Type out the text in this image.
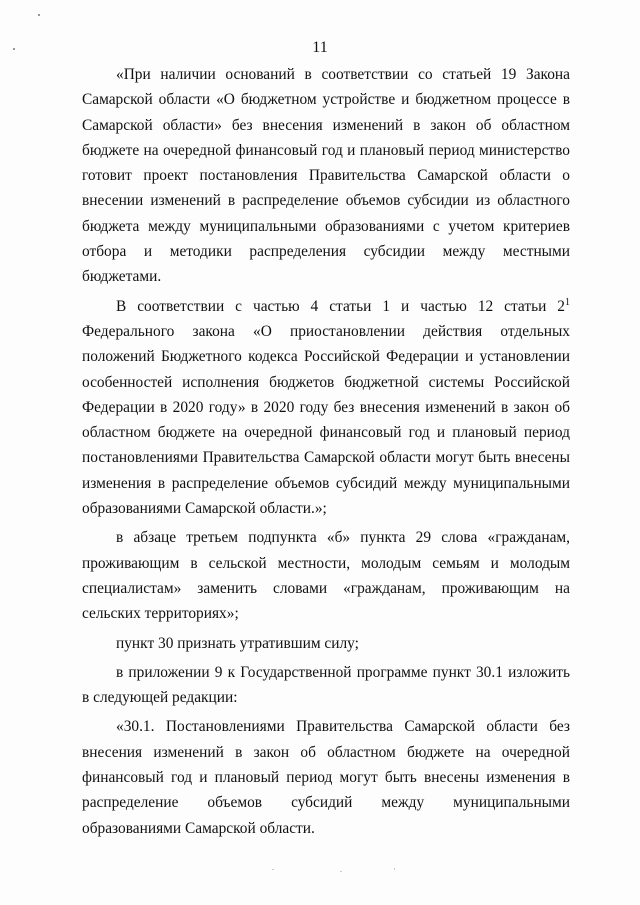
11

«При наличии оснований в соответствии со статьей 19 Закона Самарской области «О бюджетном устройстве и бюджетном процессе в Самарской области» без внесения изменений в закон об областном бюджете на очередной финансовый год и плановый период министерство готовит проект постановления Правительства Самарской области о внесении изменений в распределение объемов субсидии из областного бюджета между муниципальными образованиями с учетом критериев отбора и методики распределения субсидии между местными бюджетами.

В соответствии с частью 4 статьи 1 и частью 12 статьи $2^1$ Федерального закона «О приостановлении действия отдельных положений Бюджетного кодекса Российской Федерации и установлении особенностей исполнения бюджетов бюджетной системы Российской Федерации в 2020 году» в 2020 году без внесения изменений в закон об областном бюджете на очередной финансовый год и плановый период постановлениями Правительства Самарской области могут быть внесены изменения в распределение объемов субсидий между муниципальными образованиями Самарской области.»;

в абзаце третьем подпункта «б» пункта 29 слова «гражданам, проживающим в сельской местности, молодым семьям и молодым специалистам» заменить словами «гражданам, проживающим на сельских территориях»;

пункт 30 признать утратившим силу;

в приложении 9 к Государственной программе пункт 30.1 изложить в следующей редакции:

«30.1. Постановлениями Правительства Самарской области без внесения изменений в закон об областном бюджете на очередной финансовый год и плановый период могут быть внесены изменения в распределение объемов субсидий между муниципальными образованиями Самарской области.
